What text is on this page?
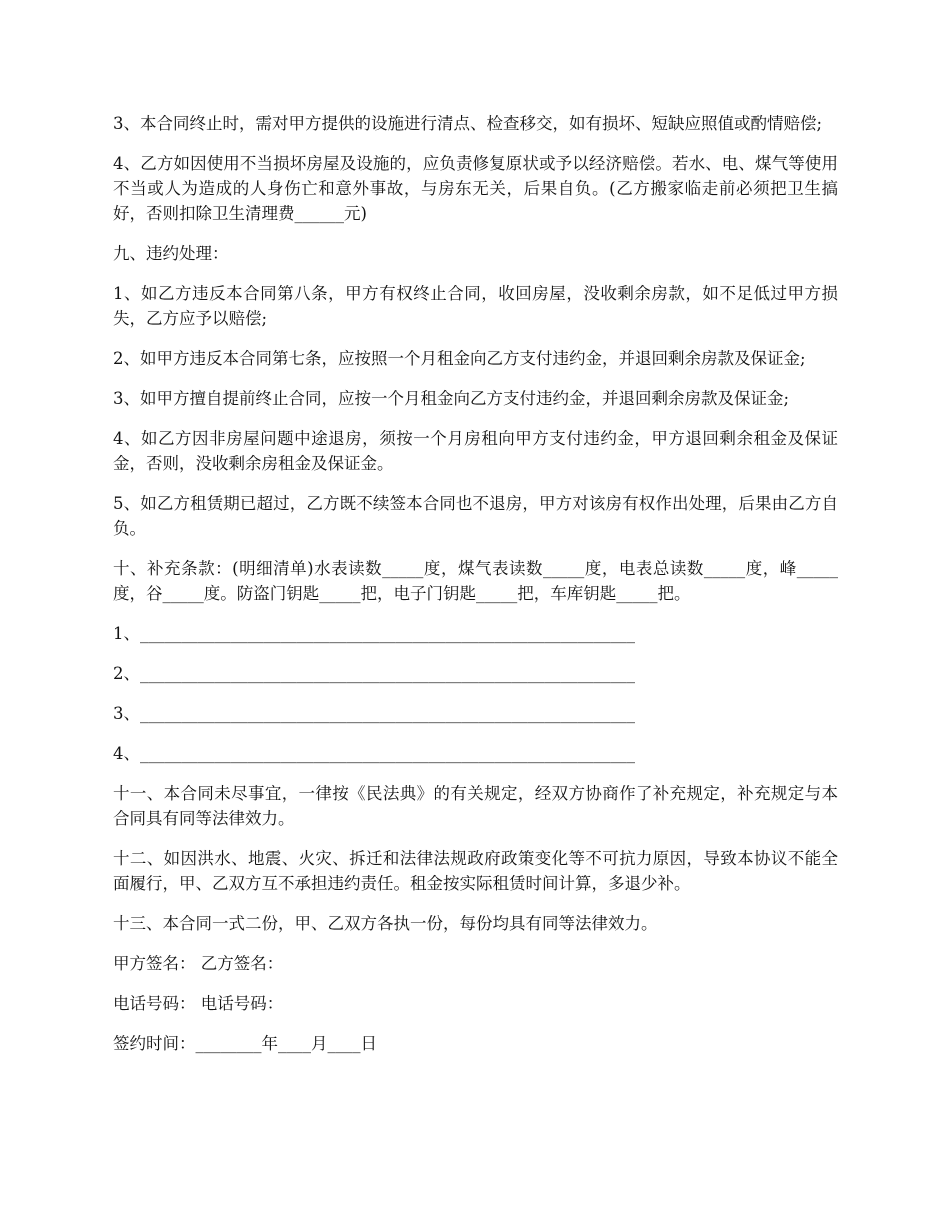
3、本合同终止时，需对甲方提供的设施进行清点、检查移交，如有损坏、短缺应照值或酌情赔偿;

4、乙方如因使用不当损坏房屋及设施的，应负责修复原状或予以经济赔偿。若水、电、煤气等使用不当或人为造成的人身伤亡和意外事故，与房东无关，后果自负。(乙方搬家临走前必须把卫生搞好，否则扣除卫生清理费______元)

九、违约处理：

1、如乙方违反本合同第八条，甲方有权终止合同，收回房屋，没收剩余房款，如不足低过甲方损失，乙方应予以赔偿;

2、如甲方违反本合同第七条，应按照一个月租金向乙方支付违约金，并退回剩余房款及保证金;

3、如甲方擅自提前终止合同，应按一个月租金向乙方支付违约金，并退回剩余房款及保证金;

4、如乙方因非房屋问题中途退房，须按一个月房租向甲方支付违约金，甲方退回剩余租金及保证金，否则，没收剩余房租金及保证金。

5、如乙方租赁期已超过，乙方既不续签本合同也不退房，甲方对该房有权作出处理，后果由乙方自负。

十、补充条款：(明细清单)水表读数_____度，煤气表读数_____度，电表总读数_____度，峰_____度，谷_____度。防盗门钥匙_____把，电子门钥匙_____把，车库钥匙_____把。

1、____________________________________________________________

2、____________________________________________________________

3、____________________________________________________________

4、____________________________________________________________

十一、本合同未尽事宜，一律按《民法典》的有关规定，经双方协商作了补充规定，补充规定与本合同具有同等法律效力。

十二、如因洪水、地震、火灾、拆迁和法律法规政府政策变化等不可抗力原因，导致本协议不能全面履行，甲、乙双方互不承担违约责任。租金按实际租赁时间计算，多退少补。

十三、本合同一式二份，甲、乙双方各执一份，每份均具有同等法律效力。

甲方签名： 乙方签名：

电话号码： 电话号码：

签约时间：________年____月____日
